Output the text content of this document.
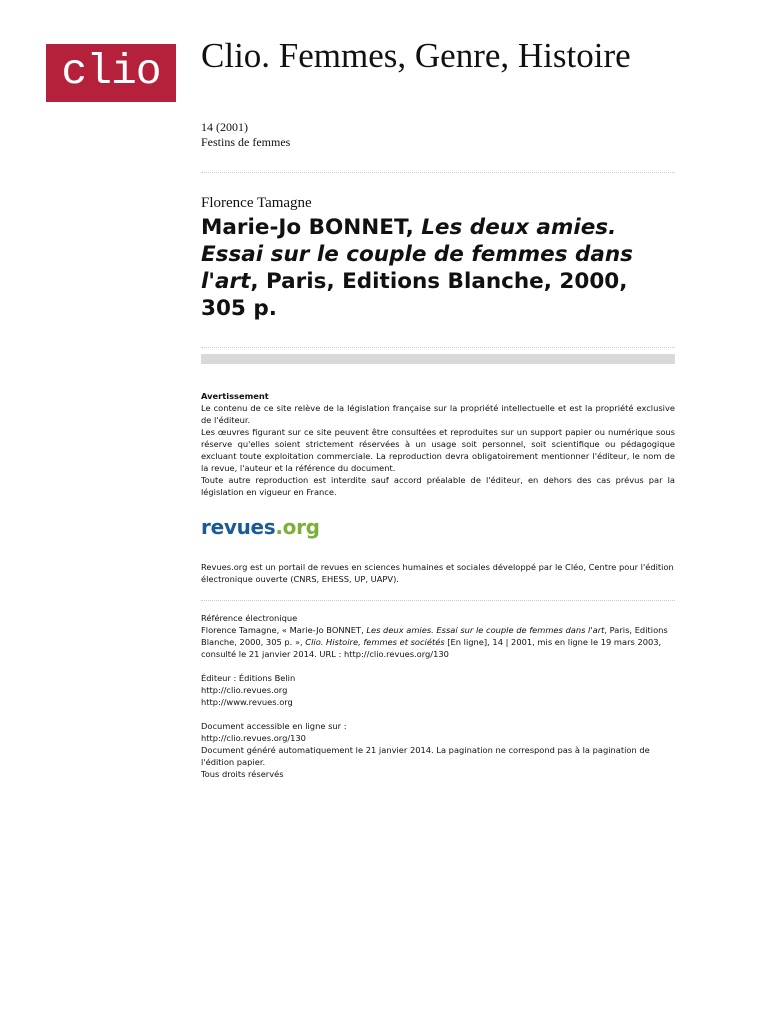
clio Clio. Femmes, Genre, Histoire
14 (2001)
Festins de femmes
Florence Tamagne
Marie-Jo BONNET, Les deux amies. Essai sur le couple de femmes dans l'art, Paris, Editions Blanche, 2000, 305 p.

Avertissement

Le contenu de ce site relève de la législation française sur la propriété intellectuelle et est la propriété exclusive de l'éditeur.

Les œuvres figurant sur ce site peuvent être consultées et reproduites sur un support papier ou numérique sous réserve qu'elles soient strictement réservées à un usage soit personnel, soit scientifique ou pédagogique excluant toute exploitation commerciale. La reproduction devra obligatoirement mentionner l'éditeur, le nom de la revue, l'auteur et la référence du document.

Toute autre reproduction est interdite sauf accord préalable de l'éditeur, en dehors des cas prévus par la législation en vigueur en France.

revues.org

Revues.org est un portail de revues en sciences humaines et sociales développé par le Cléo, Centre pour l'édition électronique ouverte (CNRS, EHESS, UP, UAPV).

Référence électronique

Florence Tamagne, « Marie-Jo BONNET, Les deux amies. Essai sur le couple de femmes dans l'art, Paris, Editions Blanche, 2000, 305 p. », Clio. Histoire, femmes et sociétés [En ligne], 14 | 2001, mis en ligne le 19 mars 2003, consulté le 21 janvier 2014. URL : http://clio.revues.org/130

Éditeur : Éditions Belin

http://clio.revues.org

http://www.revues.org

Document accessible en ligne sur :

http://clio.revues.org/130

Document généré automatiquement le 21 janvier 2014. La pagination ne correspond pas à la pagination de l'édition papier.

Tous droits réservés
